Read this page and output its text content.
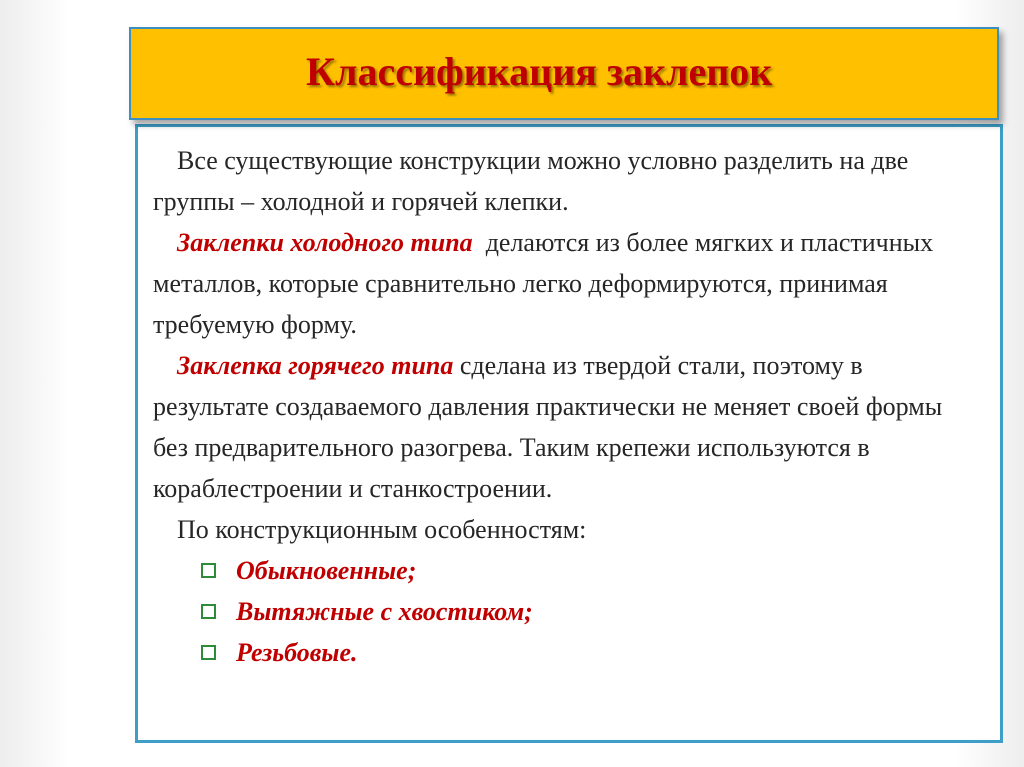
Классификация заклепок

Все существующие конструкции можно условно разделить на две группы – холодной и горячей клепки.

Заклепки холодного типа делаются из более мягких и пластичных металлов, которые сравнительно легко деформируются, принимая требуемую форму.

Заклепка горячего типа сделана из твердой стали, поэтому в результате создаваемого давления практически не меняет своей формы без предварительного разогрева. Таким крепежи используются в кораблестроении и станкостроении.

По конструкционным особенностям:

Обыкновенные;
Вытяжные с хвостиком;
Резьбовые.
